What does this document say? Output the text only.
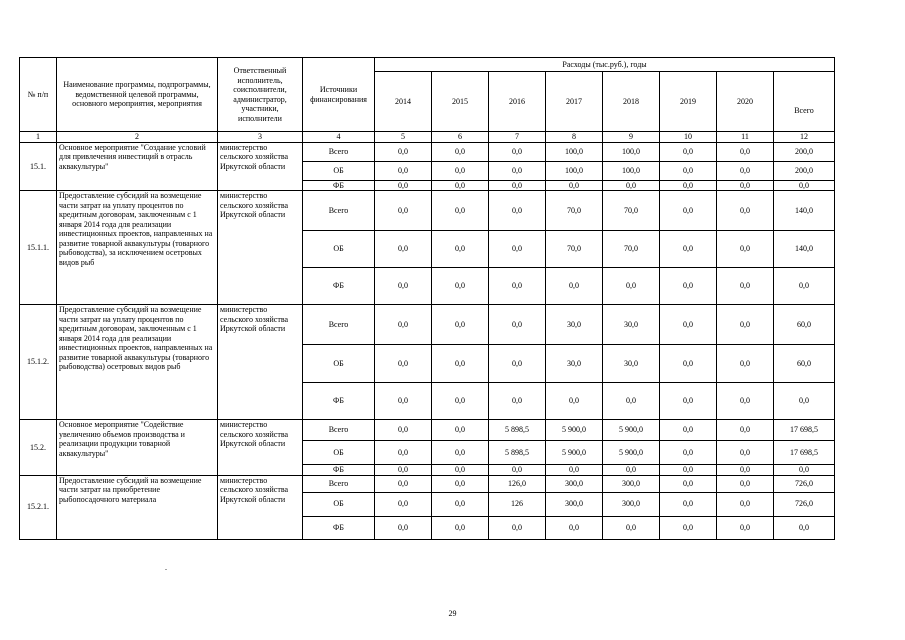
№ п/п	Наименование программы, подпрограммы, ведомственной целевой программы, основного мероприятия, мероприятия	Ответственный исполнитель, соисполнители, администратор, участники, исполнители	Источники финансирования	Расходы (тыс.руб.), годы							
				2014	2015	2016	2017	2018	2019	2020	Всего
1	2	3	4	5	6	7	8	9	10	11	12
15.1.	Основное мероприятие "Создание условий для привлечения инвестиций в отрасль аквакультуры"	министерство сельского хозяйства Иркутской области	Всего	0,0	0,0	0,0	100,0	100,0	0,0	0,0	200,0
			ОБ	0,0	0,0	0,0	100,0	100,0	0,0	0,0	200,0
			ФБ	0,0	0,0	0,0	0,0	0,0	0,0	0,0	0,0
15.1.1.	Предоставление субсидий на возмещение части затрат на уплату процентов по кредитным договорам, заключенным с 1 января 2014 года для реализации инвестиционных проектов, направленных на развитие товарной аквакультуры (товарного рыбоводства), за исключением осетровых видов рыб	министерство сельского хозяйства Иркутской области	Всего	0,0	0,0	0,0	70,0	70,0	0,0	0,0	140,0
			ОБ	0,0	0,0	0,0	70,0	70,0	0,0	0,0	140,0
			ФБ	0,0	0,0	0,0	0,0	0,0	0,0	0,0	0,0
15.1.2.	Предоставление субсидий на возмещение части затрат на уплату процентов по кредитным договорам, заключенным с 1 января 2014 года для реализации инвестиционных проектов, направленных на развитие товарной аквакультуры (товарного рыбоводства) осетровых видов рыб	министерство сельского хозяйства Иркутской области	Всего	0,0	0,0	0,0	30,0	30,0	0,0	0,0	60,0
			ОБ	0,0	0,0	0,0	30,0	30,0	0,0	0,0	60,0
			ФБ	0,0	0,0	0,0	0,0	0,0	0,0	0,0	0,0
15.2.	Основное мероприятие "Содействие увеличению объемов производства и реализации продукции товарной аквакультуры"	министерство сельского хозяйства Иркутской области	Всего	0,0	0,0	5 898,5	5 900,0	5 900,0	0,0	0,0	17 698,5
			ОБ	0,0	0,0	5 898,5	5 900,0	5 900,0	0,0	0,0	17 698,5
			ФБ	0,0	0,0	0,0	0,0	0,0	0,0	0,0	0,0
15.2.1.	Предоставление субсидий на возмещение части затрат на приобретение рыбопосадочного материала	министерство сельского хозяйства Иркутской области	Всего	0,0	0,0	126,0	300,0	300,0	0,0	0,0	726,0
			ОБ	0,0	0,0	126	300,0	300,0	0,0	0,0	726,0
			ФБ	0,0	0,0	0,0	0,0	0,0	0,0	0,0	0,0
.
29
